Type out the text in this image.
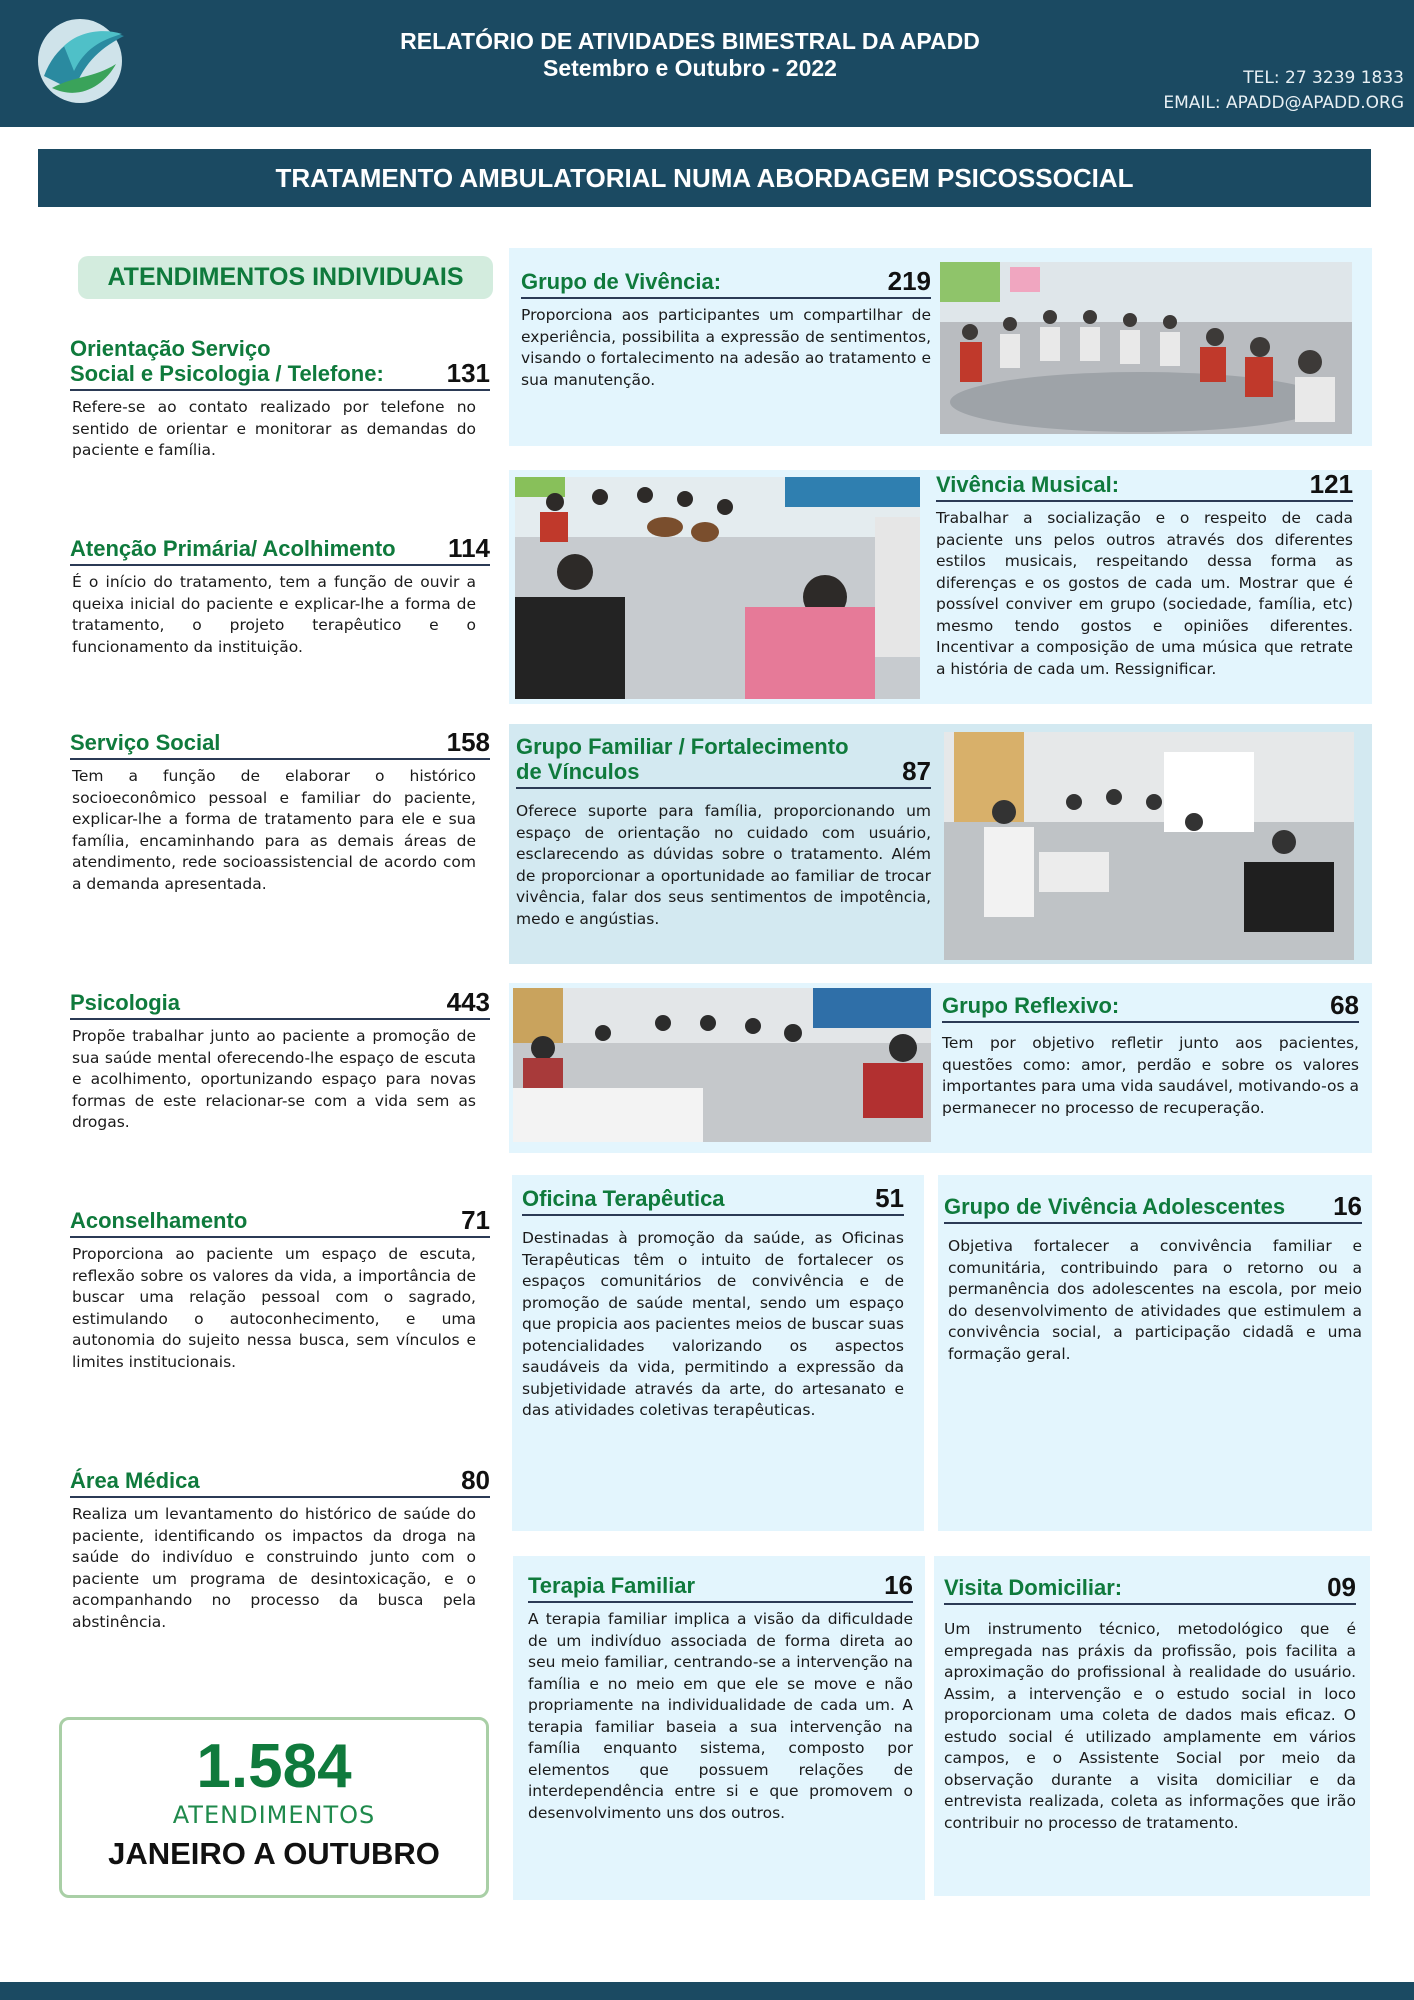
RELATÓRIO DE ATIVIDADES BIMESTRAL DA APADD
Setembro e Outubro - 2022	TEL: 27 3239 1833
EMAIL: APADD@APADD.ORG
TRATAMENTO AMBULATORIAL NUMA ABORDAGEM PSICOSSOCIAL
ATENDIMENTOS INDIVIDUAIS
Orientação Serviço
Social e Psicologia / Telefone: 131
Refere-se ao contato realizado por telefone no sentido de orientar e monitorar as demandas do paciente e família.
Atenção Primária/ Acolhimento 114
É o início do tratamento, tem a função de ouvir a queixa inicial do paciente e explicar-lhe a forma de tratamento, o projeto terapêutico e o funcionamento da instituição.
Serviço Social	158
Tem a função de elaborar o histórico socioeconômico pessoal e familiar do paciente, explicar-lhe a forma de tratamento para ele e sua família, encaminhando para as demais áreas de atendimento, rede socioassistencial de acordo com a demanda apresentada.
Psicologia	443
Propõe trabalhar junto ao paciente a promoção de sua saúde mental oferecendo-lhe espaço de escuta e acolhimento, oportunizando espaço para novas formas de este relacionar-se com a vida sem as drogas.
Aconselhamento	71
Proporciona ao paciente um espaço de escuta, reflexão sobre os valores da vida, a importância de buscar uma relação pessoal com o sagrado, estimulando o autoconhecimento, e uma autonomia do sujeito nessa busca, sem vínculos e limites institucionais.
Área Médica	80
Realiza um levantamento do histórico de saúde do paciente, identificando os impactos da droga na saúde do indivíduo e construindo junto com o paciente um programa de desintoxicação, e o acompanhando no processo da busca pela abstinência.
1.584
ATENDIMENTOS
JANEIRO A OUTUBRO
Grupo de Vivência:	219
Proporciona aos participantes um compartilhar de experiência, possibilita a expressão de sentimentos, visando o fortalecimento na adesão ao tratamento e sua manutenção.
Vivência Musical:	121
Trabalhar a socialização e o respeito de cada paciente uns pelos outros através dos diferentes estilos musicais, respeitando dessa forma as diferenças e os gostos de cada um. Mostrar que é possível conviver em grupo (sociedade, família, etc) mesmo tendo gostos e opiniões diferentes. Incentivar a composição de uma música que retrate a história de cada um. Ressignificar.
Grupo Familiar / Fortalecimento
de Vínculos	87
Oferece suporte para família, proporcionando um espaço de orientação no cuidado com usuário, esclarecendo as dúvidas sobre o tratamento. Além de proporcionar a oportunidade ao familiar de trocar vivência, falar dos seus sentimentos de impotência, medo e angústias.
Grupo Reflexivo:	68
Tem por objetivo refletir junto aos pacientes, questões como: amor, perdão e sobre os valores importantes para uma vida saudável, motivando-os a permanecer no processo de recuperação.
Oficina Terapêutica	51
Destinadas à promoção da saúde, as Oficinas Terapêuticas têm o intuito de fortalecer os espaços comunitários de convivência e de promoção de saúde mental, sendo um espaço que propicia aos pacientes meios de buscar suas potencialidades valorizando os aspectos saudáveis da vida, permitindo a expressão da subjetividade através da arte, do artesanato e das atividades coletivas terapêuticas.
Grupo de Vivência Adolescentes 16
Objetiva fortalecer a convivência familiar e comunitária, contribuindo para o retorno ou a permanência dos adolescentes na escola, por meio do desenvolvimento de atividades que estimulem a convivência social, a participação cidadã e uma formação geral.
Terapia Familiar	16
A terapia familiar implica a visão da dificuldade de um indivíduo associada de forma direta ao seu meio familiar, centrando-se a intervenção na família e no meio em que ele se move e não propriamente na individualidade de cada um. A terapia familiar baseia a sua intervenção na família enquanto sistema, composto por elementos que possuem relações de interdependência entre si e que promovem o desenvolvimento uns dos outros.
Visita Domiciliar:	09
Um instrumento técnico, metodológico que é empregada nas práxis da profissão, pois facilita a aproximação do profissional à realidade do usuário. Assim, a intervenção e o estudo social in loco proporcionam uma coleta de dados mais eficaz. O estudo social é utilizado amplamente em vários campos, e o Assistente Social por meio da observação durante a visita domiciliar e da entrevista realizada, coleta as informações que irão contribuir no processo de tratamento.
